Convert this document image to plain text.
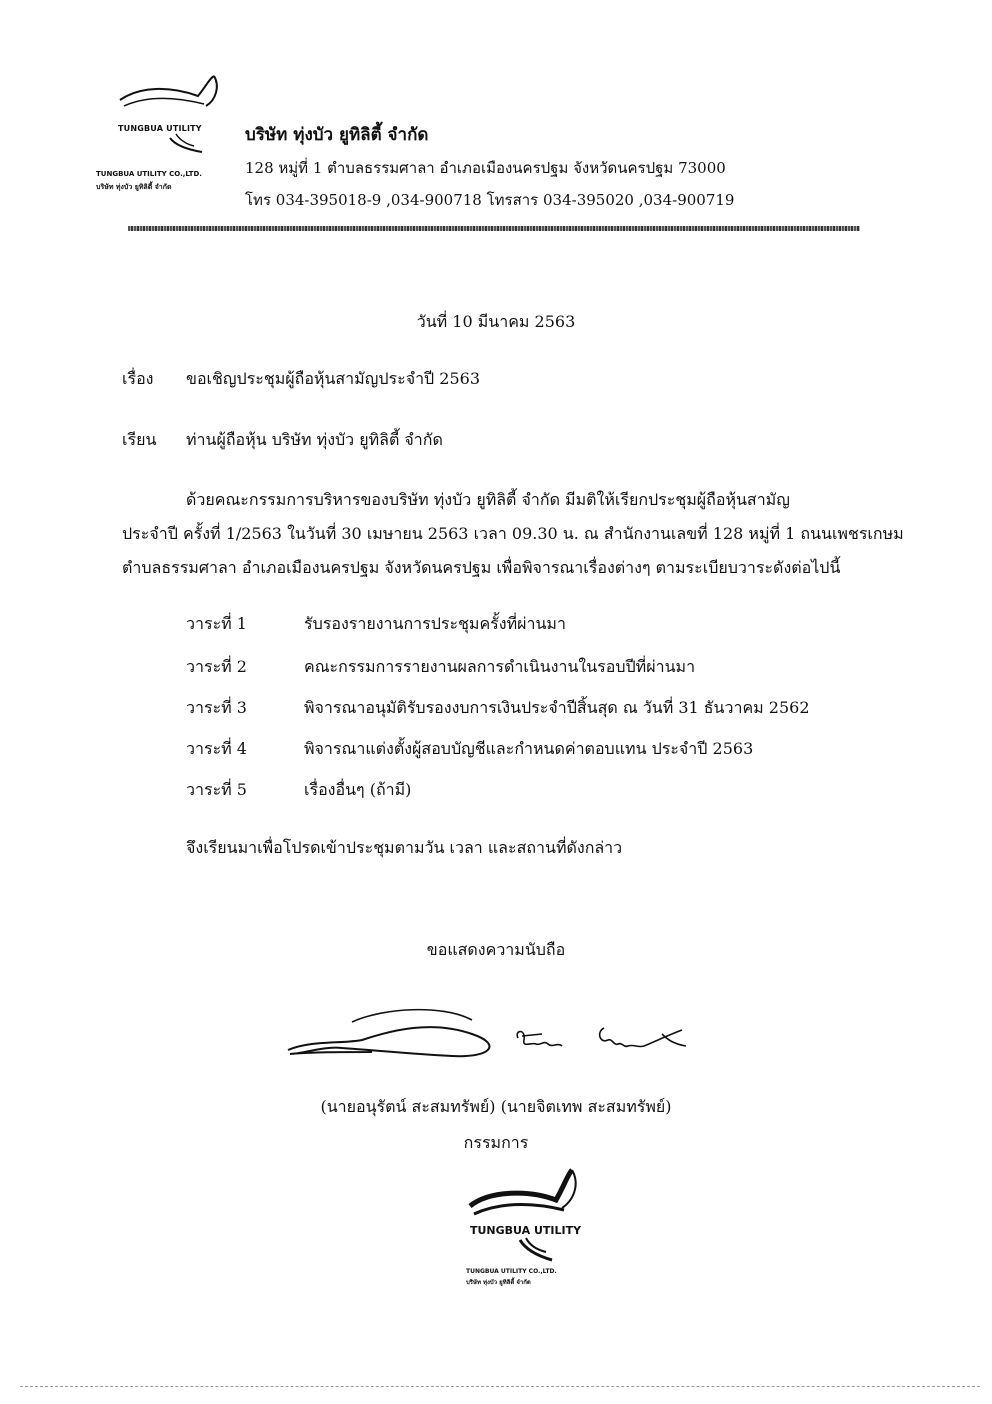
TUNGBUA UTILITY
TUNGBUA UTILITY CO.,LTD.
บริษัท ทุ่งบัว ยูทิลิตี้ จำกัด
บริษัท ทุ่งบัว ยูทิลิตี้ จำกัด
128 หมู่ที่ 1 ตำบลธรรมศาลา อำเภอเมืองนครปฐม จังหวัดนครปฐม 73000
โทร 034-395018-9 ,034-900718 โทรสาร 034-395020 ,034-900719
วันที่ 10 มีนาคม 2563
เรื่อง ขอเชิญประชุมผู้ถือหุ้นสามัญประจำปี 2563
เรียน ท่านผู้ถือหุ้น บริษัท ทุ่งบัว ยูทิลิตี้ จำกัด
ด้วยคณะกรรมการบริหารของบริษัท ทุ่งบัว ยูทิลิตี้ จำกัด มีมติให้เรียกประชุมผู้ถือหุ้นสามัญ
ประจำปี ครั้งที่ 1/2563 ในวันที่ 30 เมษายน 2563 เวลา 09.30 น. ณ สำนักงานเลขที่ 128 หมู่ที่ 1 ถนนเพชรเกษม
ตำบลธรรมศาลา อำเภอเมืองนครปฐม จังหวัดนครปฐม เพื่อพิจารณาเรื่องต่างๆ ตามระเบียบวาระดังต่อไปนี้
วาระที่ 1	รับรองรายงานการประชุมครั้งที่ผ่านมา
วาระที่ 2	คณะกรรมการรายงานผลการดำเนินงานในรอบปีที่ผ่านมา
วาระที่ 3	พิจารณาอนุมัติรับรองงบการเงินประจำปีสิ้นสุด ณ วันที่ 31 ธันวาคม 2562
วาระที่ 4	พิจารณาแต่งตั้งผู้สอบบัญชีและกำหนดค่าตอบแทน ประจำปี 2563
วาระที่ 5	เรื่องอื่นๆ (ถ้ามี)
จึงเรียนมาเพื่อโปรดเข้าประชุมตามวัน เวลา และสถานที่ดังกล่าว
ขอแสดงความนับถือ
(นายอนุรัตน์ สะสมทรัพย์) (นายจิตเทพ สะสมทรัพย์)
กรรมการ
TUNGBUA UTILITY
TUNGBUA UTILITY CO.,LTD.
บริษัท ทุ่งบัว ยูทิลิตี้ จำกัด
